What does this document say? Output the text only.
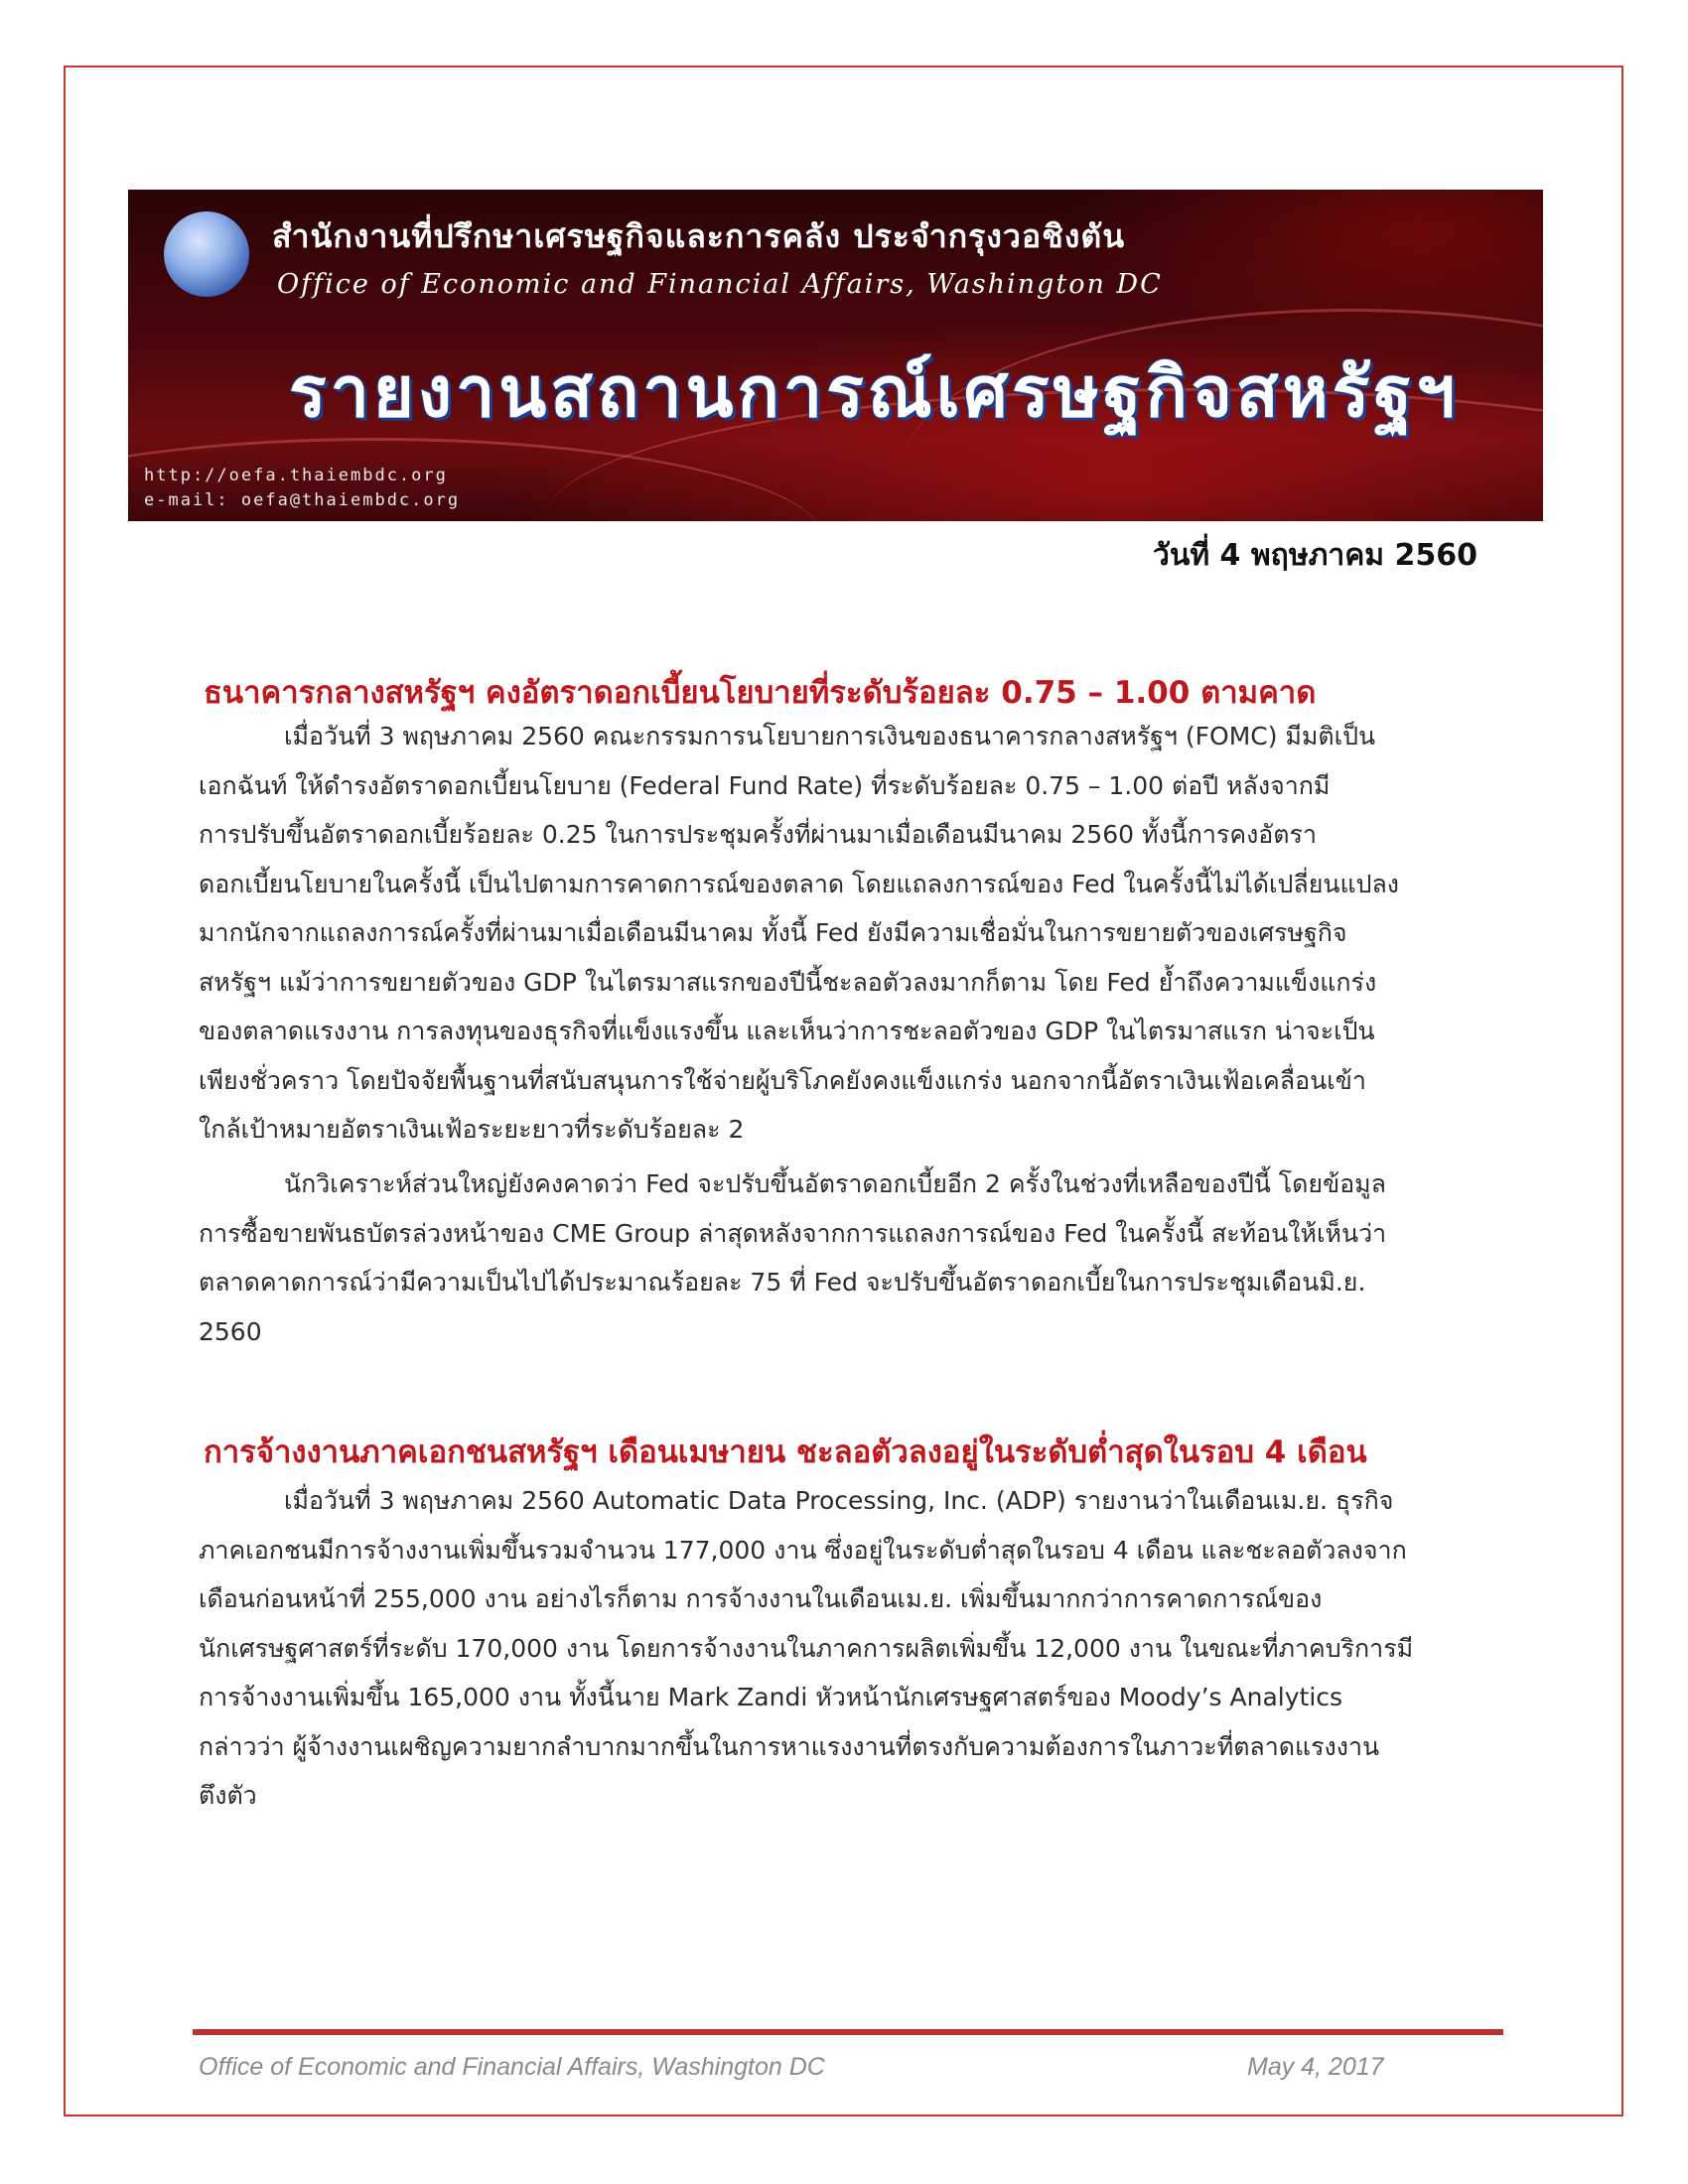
สำนักงานที่ปรึกษาเศรษฐกิจและการคลัง ประจำกรุงวอชิงตัน
Office of Economic and Financial Affairs, Washington DC
รายงานสถานการณ์เศรษฐกิจสหรัฐฯ
http://oefa.thaiembdc.org
e-mail: oefa@thaiembdc.org
วันที่ 4 พฤษภาคม 2560
ธนาคารกลางสหรัฐฯ คงอัตราดอกเบี้ยนโยบายที่ระดับร้อยละ 0.75 – 1.00 ตามคาด
เมื่อวันที่ 3 พฤษภาคม 2560 คณะกรรมการนโยบายการเงินของธนาคารกลางสหรัฐฯ (FOMC) มีมติเป็น
เอกฉันท์ ให้ดำรงอัตราดอกเบี้ยนโยบาย (Federal Fund Rate) ที่ระดับร้อยละ 0.75 – 1.00 ต่อปี หลังจากมี
การปรับขึ้นอัตราดอกเบี้ยร้อยละ 0.25 ในการประชุมครั้งที่ผ่านมาเมื่อเดือนมีนาคม 2560 ทั้งนี้การคงอัตรา
ดอกเบี้ยนโยบายในครั้งนี้ เป็นไปตามการคาดการณ์ของตลาด โดยแถลงการณ์ของ Fed ในครั้งนี้ไม่ได้เปลี่ยนแปลง
มากนักจากแถลงการณ์ครั้งที่ผ่านมาเมื่อเดือนมีนาคม ทั้งนี้ Fed ยังมีความเชื่อมั่นในการขยายตัวของเศรษฐกิจ
สหรัฐฯ แม้ว่าการขยายตัวของ GDP ในไตรมาสแรกของปีนี้ชะลอตัวลงมากก็ตาม โดย Fed ย้ำถึงความแข็งแกร่ง
ของตลาดแรงงาน การลงทุนของธุรกิจที่แข็งแรงขึ้น และเห็นว่าการชะลอตัวของ GDP ในไตรมาสแรก น่าจะเป็น
เพียงชั่วคราว โดยปัจจัยพื้นฐานที่สนับสนุนการใช้จ่ายผู้บริโภคยังคงแข็งแกร่ง นอกจากนี้อัตราเงินเฟ้อเคลื่อนเข้า
ใกล้เป้าหมายอัตราเงินเฟ้อระยะยาวที่ระดับร้อยละ 2
นักวิเคราะห์ส่วนใหญ่ยังคงคาดว่า Fed จะปรับขึ้นอัตราดอกเบี้ยอีก 2 ครั้งในช่วงที่เหลือของปีนี้ โดยข้อมูล
การซื้อขายพันธบัตรล่วงหน้าของ CME Group ล่าสุดหลังจากการแถลงการณ์ของ Fed ในครั้งนี้ สะท้อนให้เห็นว่า
ตลาดคาดการณ์ว่ามีความเป็นไปได้ประมาณร้อยละ 75 ที่ Fed จะปรับขึ้นอัตราดอกเบี้ยในการประชุมเดือนมิ.ย.
2560
การจ้างงานภาคเอกชนสหรัฐฯ เดือนเมษายน ชะลอตัวลงอยู่ในระดับต่ำสุดในรอบ 4 เดือน
เมื่อวันที่ 3 พฤษภาคม 2560 Automatic Data Processing, Inc. (ADP) รายงานว่าในเดือนเม.ย. ธุรกิจ
ภาคเอกชนมีการจ้างงานเพิ่มขึ้นรวมจำนวน 177,000 งาน ซึ่งอยู่ในระดับต่ำสุดในรอบ 4 เดือน และชะลอตัวลงจาก
เดือนก่อนหน้าที่ 255,000 งาน อย่างไรก็ตาม การจ้างงานในเดือนเม.ย. เพิ่มขึ้นมากกว่าการคาดการณ์ของ
นักเศรษฐศาสตร์ที่ระดับ 170,000 งาน โดยการจ้างงานในภาคการผลิตเพิ่มขึ้น 12,000 งาน ในขณะที่ภาคบริการมี
การจ้างงานเพิ่มขึ้น 165,000 งาน ทั้งนี้นาย Mark Zandi หัวหน้านักเศรษฐศาสตร์ของ Moody’s Analytics
กล่าวว่า ผู้จ้างงานเผชิญความยากลำบากมากขึ้นในการหาแรงงานที่ตรงกับความต้องการในภาวะที่ตลาดแรงงาน
ตึงตัว
Office of Economic and Financial Affairs, Washington DC	May 4, 2017
